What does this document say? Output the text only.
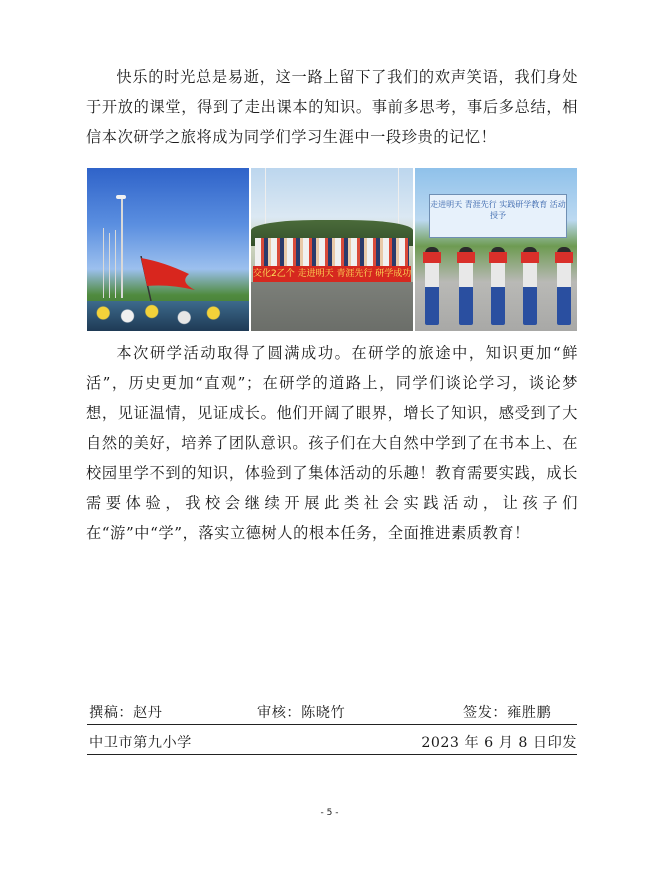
快乐的时光总是易逝，这一路上留下了我们的欢声笑语，我们身处于开放的课堂，得到了走出课本的知识。事前多思考，事后多总结，相信本次研学之旅将成为同学们学习生涯中一段珍贵的记忆！

交化2乙个 走进明天 青涯先行 研学成功
走进明天 青涯先行 实践研学教育 活动 授予

本次研学活动取得了圆满成功。在研学的旅途中，知识更加“鲜活”，历史更加“直观”；在研学的道路上，同学们谈论学习，谈论梦想，见证温情，见证成长。他们开阔了眼界，增长了知识，感受到了大自然的美好，培养了团队意识。孩子们在大自然中学到了在书本上、在校园里学不到的知识，体验到了集体活动的乐趣！教育需要实践，成长需要体验，我校会继续开展此类社会实践活动，让孩子们在“游”中“学”，落实立德树人的根本任务，全面推进素质教育！

撰稿：赵丹	审核：陈晓竹	签发：雍胜鹏
中卫市第九小学	2023 年 6 月 8 日印发
- 5 -
